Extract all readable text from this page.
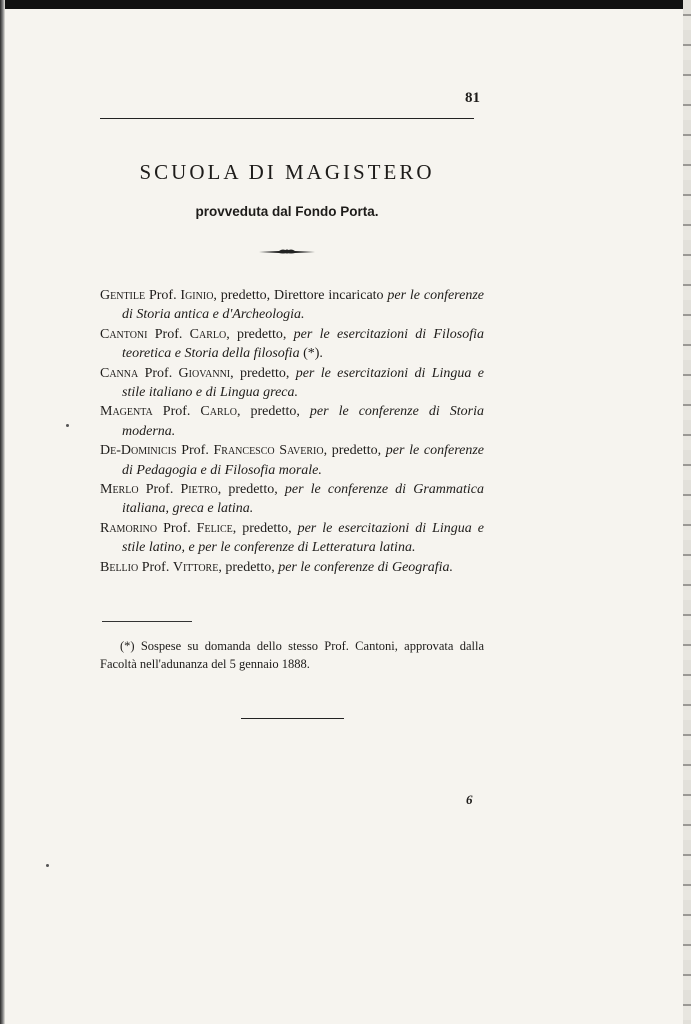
81
SCUOLA DI MAGISTERO
provveduta dal Fondo Porta.

Gentile Prof. Iginio, predetto, Direttore incaricato per le conferenze di Storia antica e d'Archeologia.

Cantoni Prof. Carlo, predetto, per le esercitazioni di Filosofia teoretica e Storia della filosofia (*).

Canna Prof. Giovanni, predetto, per le esercitazioni di Lingua e stile italiano e di Lingua greca.

Magenta Prof. Carlo, predetto, per le conferenze di Storia moderna.

De-Dominicis Prof. Francesco Saverio, predetto, per le conferenze di Pedagogia e di Filosofia morale.

Merlo Prof. Pietro, predetto, per le conferenze di Grammatica italiana, greca e latina.

Ramorino Prof. Felice, predetto, per le esercitazioni di Lingua e stile latino, e per le conferenze di Letteratura latina.

Bellio Prof. Vittore, predetto, per le conferenze di Geografia.

(*) Sospese su domanda dello stesso Prof. Cantoni, approvata dalla Facoltà nell'adunanza del 5 gennaio 1888.
6
